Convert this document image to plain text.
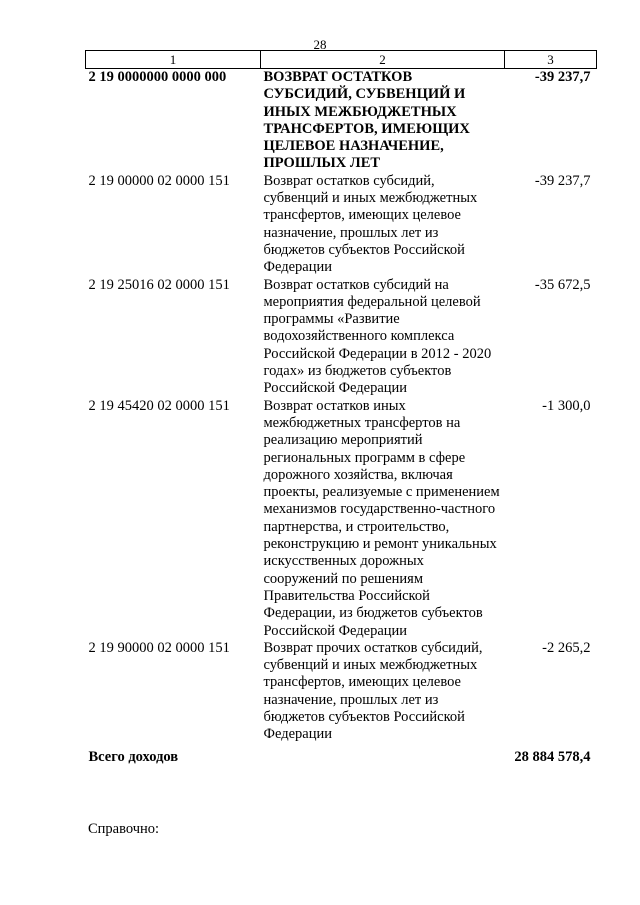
28
1	2	3
2 19 0000000 0000 000	ВОЗВРАТ ОСТАТКОВ СУБСИДИЙ, СУБВЕНЦИЙ И ИНЫХ МЕЖБЮДЖЕТНЫХ ТРАНСФЕРТОВ, ИМЕЮЩИХ ЦЕЛЕВОЕ НАЗНАЧЕНИЕ, ПРОШЛЫХ ЛЕТ	-39 237,7
2 19 00000 02 0000 151	Возврат остатков субсидий, субвенций и иных межбюджетных трансфертов, имеющих целевое назначение, прошлых лет из бюджетов субъектов Российской Федерации	-39 237,7
2 19 25016 02 0000 151	Возврат остатков субсидий на мероприятия федеральной целевой программы «Развитие водохозяйственного комплекса Российской Федерации в 2012 - 2020 годах» из бюджетов субъектов Российской Федерации	-35 672,5
2 19 45420 02 0000 151	Возврат остатков иных межбюджетных трансфертов на реализацию мероприятий региональных программ в сфере дорожного хозяйства, включая проекты, реализуемые с применением механизмов государственно-частного партнерства, и строительство, реконструкцию и ремонт уникальных искусственных дорожных сооружений по решениям Правительства Российской Федерации, из бюджетов субъектов Российской Федерации	-1 300,0
2 19 90000 02 0000 151	Возврат прочих остатков субсидий, субвенций и иных межбюджетных трансфертов, имеющих целевое назначение, прошлых лет из бюджетов субъектов Российской Федерации	-2 265,2
Всего доходов		28 884 578,4
Справочно:
